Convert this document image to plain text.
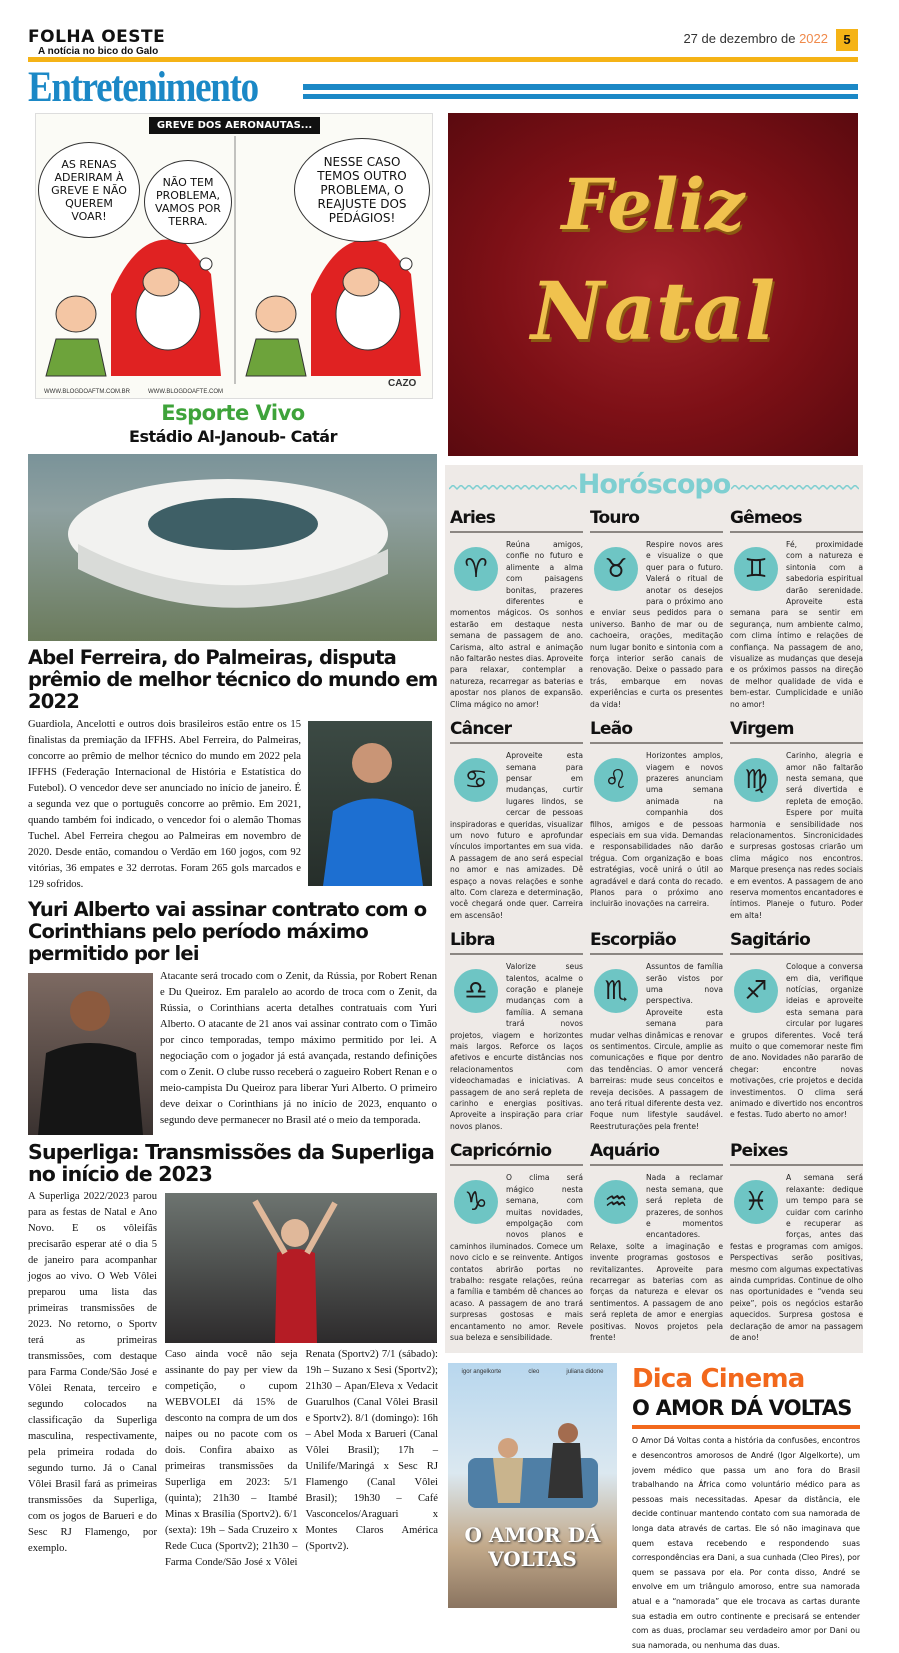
FOLHA OESTE
A notícia no bico do Galo
27 de dezembro de 2022	5
Entretenimento
GREVE DOS AERONAUTAS...
AS RENAS ADERIRAM À GREVE E NÃO QUEREM VOAR!
NÃO TEM PROBLEMA, VAMOS POR TERRA.
NESSE CASO TEMOS OUTRO PROBLEMA, O REAJUSTE DOS PEDÁGIOS!
WWW.BLOGDOAFTM.COM.BR	WWW.BLOGDOAFTE.COM
CAZO
Esporte Vivo
Estádio Al-Janoub- Catár
Abel Ferreira, do Palmeiras, disputa prêmio de melhor técnico do mundo em 2022
Guardiola, Ancelotti e outros dois brasileiros estão entre os 15 finalistas da premiação da IFFHS. Abel Ferreira, do Palmeiras, concorre ao prêmio de melhor técnico do mundo em 2022 pela IFFHS (Federação Internacional de História e Estatística do Futebol). O vencedor deve ser anunciado no início de janeiro. É a segunda vez que o português concorre ao prêmio. Em 2021, quando também foi indicado, o vencedor foi o alemão Thomas Tuchel. Abel Ferreira chegou ao Palmeiras em novembro de 2020. Desde então, comandou o Verdão em 160 jogos, com 92 vitórias, 36 empates e 32 derrotas. Foram 265 gols marcados e 129 sofridos.
Yuri Alberto vai assinar contrato com o Corinthians pelo período máximo permitido por lei
Atacante será trocado com o Zenit, da Rússia, por Robert Renan e Du Queiroz. Em paralelo ao acordo de troca com o Zenit, da Rússia, o Corinthians acerta detalhes contratuais com Yuri Alberto. O atacante de 21 anos vai assinar contrato com o Timão por cinco temporadas, tempo máximo permitido por lei. A negociação com o jogador já está avançada, restando definições com o Zenit. O clube russo receberá o zagueiro Robert Renan e o meio-campista Du Queiroz para liberar Yuri Alberto. O primeiro deve deixar o Corinthians já no início de 2023, enquanto o segundo deve permanecer no Brasil até o meio da temporada.
Superliga: Transmissões da Superliga no início de 2023
A Superliga 2022/2023 parou para as festas de Natal e Ano Novo. E os vôleifãs precisarão esperar até o dia 5 de janeiro para acompanhar jogos ao vivo. O Web Vôlei preparou uma lista das primeiras transmissões de 2023. No retorno, o Sportv terá as primeiras transmissões, com destaque para Farma Conde/São José e Vôlei Renata, terceiro e segundo colocados na classificação da Superliga masculina, respectivamente, pela primeira rodada do segundo turno. Já o Canal Vôlei Brasil fará as primeiras transmissões da Superliga, com os jogos de Barueri e do Sesc RJ Flamengo, por exemplo.
Caso ainda você não seja assinante do pay per view da competição, o cupom WEBVOLEI dá 15% de desconto na compra de um dos naipes ou no pacote com os dois. Confira abaixo as primeiras transmissões da Superliga em 2023: 5/1 (quinta); 21h30 – Itambé Minas x Brasília (Sportv2). 6/1 (sexta): 19h – Sada Cruzeiro x Rede Cuca (Sportv2); 21h30 – Farma Conde/São José x Vôlei Renata (Sportv2) 7/1 (sábado): 19h – Suzano x Sesi (Sportv2); 21h30 – Apan/Eleva x Vedacit Guarulhos (Canal Vôlei Brasil e Sportv2). 8/1 (domingo): 16h – Abel Moda x Barueri (Canal Vôlei Brasil); 17h – Unilife/Maringá x Sesc RJ Flamengo (Canal Vôlei Brasil); 19h30 – Café Vasconcelos/Araguari x Montes Claros América (Sportv2).
Feliz
Natal
Horóscopo
Aries
♈

Reúna amigos, confie no futuro e alimente a alma com paisagens bonitas, prazeres diferentes e momentos mágicos. Os sonhos estarão em destaque nesta semana de passagem de ano. Carisma, alto astral e animação não faltarão nestes dias. Aproveite para relaxar, contemplar a natureza, recarregar as baterias e apostar nos planos de expansão. Clima mágico no amor!

Touro
♉

Respire novos ares e visualize o que quer para o futuro. Valerá o ritual de anotar os desejos para o próximo ano e enviar seus pedidos para o universo. Banho de mar ou de cachoeira, orações, meditação num lugar bonito e sintonia com a força interior serão canais de renovação. Deixe o passado para trás, embarque em novas experiências e curta os presentes da vida!

Gêmeos
♊

Fé, proximidade com a natureza e sintonia com a sabedoria espiritual darão serenidade. Aproveite esta semana para se sentir em segurança, num ambiente calmo, com clima íntimo e relações de confiança. Na passagem de ano, visualize as mudanças que deseja e os próximos passos na direção de melhor qualidade de vida e bem-estar. Cumplicidade e união no amor!

Câncer
♋

Aproveite esta semana para pensar em mudanças, curtir lugares lindos, se cercar de pessoas inspiradoras e queridas, visualizar um novo futuro e aprofundar vínculos importantes em sua vida. A passagem de ano será especial no amor e nas amizades. Dê espaço a novas relações e sonhe alto. Com clareza e determinação, você chegará onde quer. Carreira em ascensão!

Leão
♌

Horizontes amplos, viagem e novos prazeres anunciam uma semana animada na companhia dos filhos, amigos e de pessoas especiais em sua vida. Demandas e responsabilidades não darão trégua. Com organização e boas estratégias, você unirá o útil ao agradável e dará conta do recado. Planos para o próximo ano incluirão inovações na carreira.

Virgem
♍

Carinho, alegria e amor não faltarão nesta semana, que será divertida e repleta de emoção. Espere por muita harmonia e sensibilidade nos relacionamentos. Sincronicidades e surpresas gostosas criarão um clima mágico nos encontros. Marque presença nas redes sociais e em eventos. A passagem de ano reserva momentos encantadores e íntimos. Planeje o futuro. Poder em alta!

Libra
♎

Valorize seus talentos, acalme o coração e planeje mudanças com a família. A semana trará novos projetos, viagem e horizontes mais largos. Reforce os laços afetivos e encurte distâncias nos relacionamentos com videochamadas e iniciativas. A passagem de ano será repleta de carinho e energias positivas. Aproveite a inspiração para criar novos planos.

Escorpião
♏

Assuntos de família serão vistos por uma nova perspectiva. Aproveite esta semana para mudar velhas dinâmicas e renovar os sentimentos. Circule, amplie as comunicações e fique por dentro das tendências. O amor vencerá barreiras: mude seus conceitos e reveja decisões. A passagem de ano terá ritual diferente desta vez. Foque num lifestyle saudável. Reestruturações pela frente!

Sagitário
♐

Coloque a conversa em dia, verifique notícias, organize ideias e aproveite esta semana para circular por lugares e grupos diferentes. Você terá muito o que comemorar neste fim de ano. Novidades não pararão de chegar: encontre novas motivações, crie projetos e decida investimentos. O clima será animado e divertido nos encontros e festas. Tudo aberto no amor!

Capricórnio
♑

O clima será mágico nesta semana, com muitas novidades, empolgação com novos planos e caminhos iluminados. Comece um novo ciclo e se reinvente. Antigos contatos abrirão portas no trabalho: resgate relações, reúna a família e também dê chances ao acaso. A passagem de ano trará surpresas gostosas e mais encantamento no amor. Revele sua beleza e sensibilidade.

Aquário
♒

Nada a reclamar nesta semana, que será repleta de prazeres, de sonhos e momentos encantadores. Relaxe, solte a imaginação e invente programas gostosos e revitalizantes. Aproveite para recarregar as baterias com as forças da natureza e elevar os sentimentos. A passagem de ano será repleta de amor e energias positivas. Novos projetos pela frente!

Peixes
♓

A semana será relaxante: dedique um tempo para se cuidar com carinho e recuperar as forças, antes das festas e programas com amigos. Perspectivas serão positivas, mesmo com algumas expectativas ainda cumpridas. Continue de olho nas oportunidades e “venda seu peixe”, pois os negócios estarão aquecidos. Surpresa gostosa e declaração de amor na passagem de ano!

igor angelkorte	cleo	juliana didone
O AMOR DÁ VOLTAS
Dica Cinema
O AMOR DÁ VOLTAS
O Amor Dá Voltas conta a história da confusões, encontros e desencontros amorosos de André (Igor Algelkorte), um jovem médico que passa um ano fora do Brasil trabalhando na África como voluntário médico para as pessoas mais necessitadas. Apesar da distância, ele decide continuar mantendo contato com sua namorada de longa data através de cartas. Ele só não imaginava que quem estava recebendo e respondendo suas correspondências era Dani, a sua cunhada (Cleo Pires), por quem se passava por ela. Por conta disso, André se envolve em um triângulo amoroso, entre sua namorada atual e a “namorada” que ele trocava as cartas durante sua estadia em outro continente e precisará se entender com as duas, proclamar seu verdadeiro amor por Dani ou sua namorada, ou nenhuma das duas.
